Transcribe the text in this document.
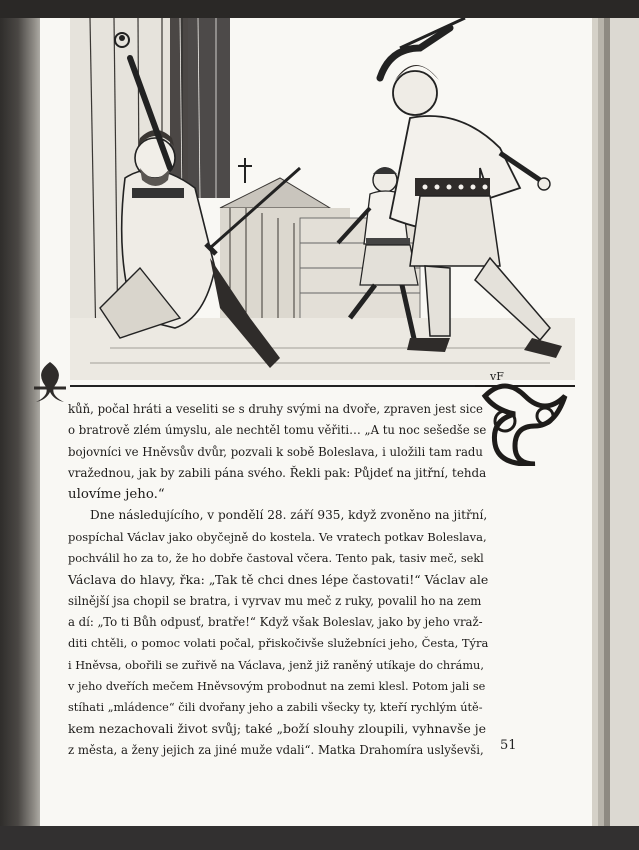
vF
kůň, počal hráti a veseliti se s druhy svými na dvoře, zpraven jest sice
o bratrově zlém úmyslu, ale nechtěl tomu věřiti… „A tu noc sešedše se
bojovníci ve Hněvsův dvůr, pozvali k sobě Boleslava, i uložili tam radu
vražednou, jak by zabili pána svého. Řekli pak: Půjdeť na jitřní, tehda
ulovíme jeho.“
Dne následujícího, v pondělí 28. září 935, když zvoněno na jitřní,
pospíchal Václav jako obyčejně do kostela. Ve vratech potkav Boleslava,
pochválil ho za to, že ho dobře častoval včera. Tento pak, tasiv meč, sekl
Václava do hlavy, řka: „Tak tě chci dnes lépe častovati!“ Václav ale
silnější jsa chopil se bratra, i vyrvav mu meč z ruky, povalil ho na zem
a dí: „To ti Bůh odpusť, bratře!“ Když však Boleslav, jako by jeho vraž-
diti chtěli, o pomoc volati počal, přiskočivše služebníci jeho, Česta, Týra
i Hněvsa, obořili se zuřivě na Václava, jenž již raněný utíkaje do chrámu,
v jeho dveřích mečem Hněvsovým probodnut na zemi klesl. Potom jali se
stíhati „mládence“ čili dvořany jeho a zabili všecky ty, kteří rychlým útě-
kem nezachovali život svůj; také „boží slouhy zloupili, vyhnavše je
z města, a ženy jejich za jiné muže vdali“. Matka Drahomíra uslyševši,	51
